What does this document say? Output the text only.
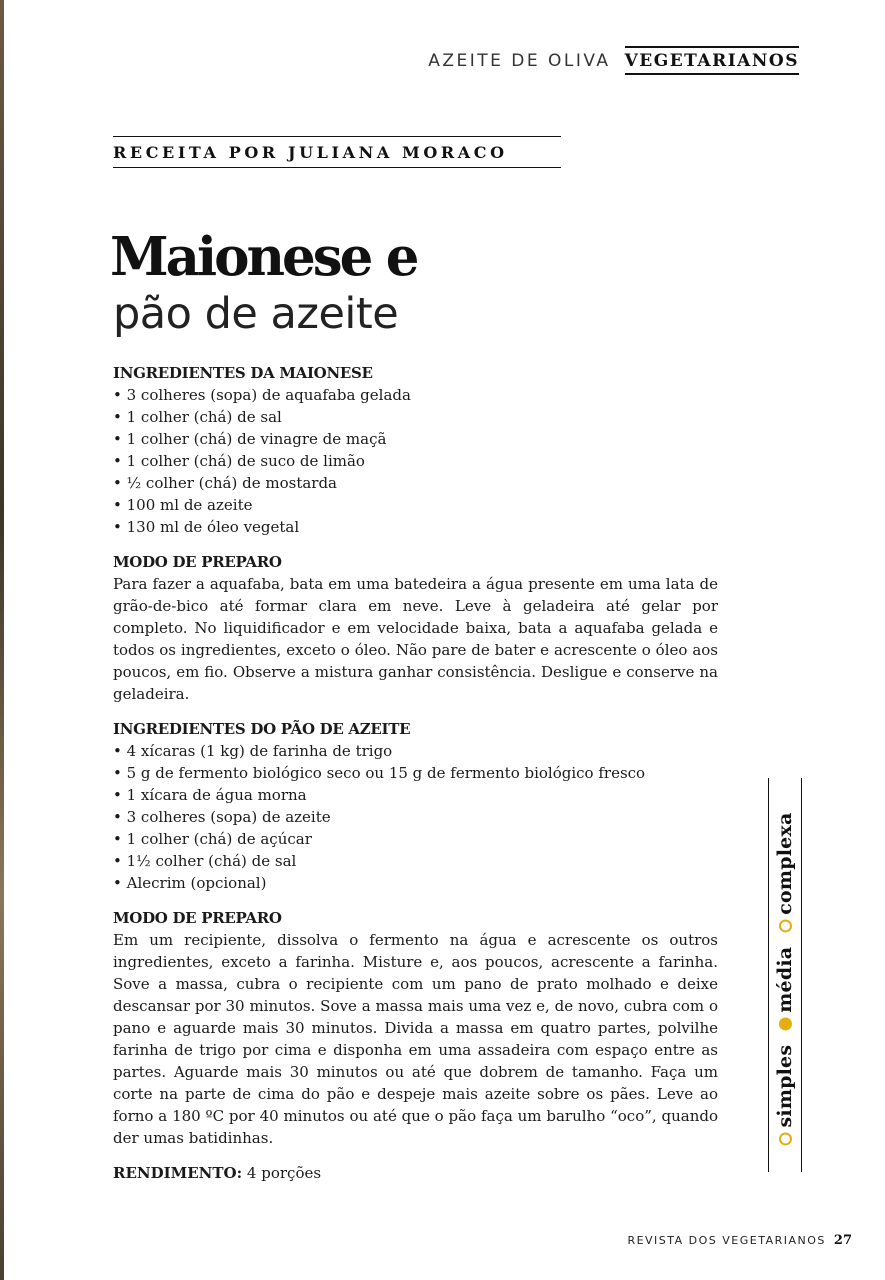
AZEITE DE OLIVA VEGETARIANOS
RECEITA POR JULIANA MORACO
Maionese e
pão de azeite
INGREDIENTES DA MAIONESE
• 3 colheres (sopa) de aquafaba gelada
• 1 colher (chá) de sal
• 1 colher (chá) de vinagre de maçã
• 1 colher (chá) de suco de limão
• ½ colher (chá) de mostarda
• 100 ml de azeite
• 130 ml de óleo vegetal
MODO DE PREPARO

Para fazer a aquafaba, bata em uma batedeira a água presente em uma lata de grão-de-bico até formar clara em neve. Leve à geladeira até gelar por completo. No liquidificador e em velocidade baixa, bata a aquafaba gelada e todos os ingredientes, exceto o óleo. Não pare de bater e acrescente o óleo aos poucos, em fio. Observe a mistura ganhar consistência. Desligue e conserve na geladeira.

INGREDIENTES DO PÃO DE AZEITE
• 4 xícaras (1 kg) de farinha de trigo
• 5 g de fermento biológico seco ou 15 g de fermento biológico fresco
• 1 xícara de água morna
• 3 colheres (sopa) de azeite
• 1 colher (chá) de açúcar
• 1½ colher (chá) de sal
• Alecrim (opcional)
MODO DE PREPARO

Em um recipiente, dissolva o fermento na água e acrescente os outros ingredientes, exceto a farinha. Misture e, aos poucos, acrescente a farinha. Sove a massa, cubra o recipiente com um pano de prato molhado e deixe descansar por 30 minutos. Sove a massa mais uma vez e, de novo, cubra com o pano e aguarde mais 30 minutos. Divida a massa em quatro partes, polvilhe farinha de trigo por cima e disponha em uma assadeira com espaço entre as partes. Aguarde mais 30 minutos ou até que dobrem de tamanho. Faça um corte na parte de cima do pão e despeje mais azeite sobre os pães. Leve ao forno a 180 ºC por 40 minutos ou até que o pão faça um barulho “oco”, quando der umas batidinhas.

RENDIMENTO: 4 porções
simples
média
complexa
REVISTA DOS VEGETARIANOS 27
